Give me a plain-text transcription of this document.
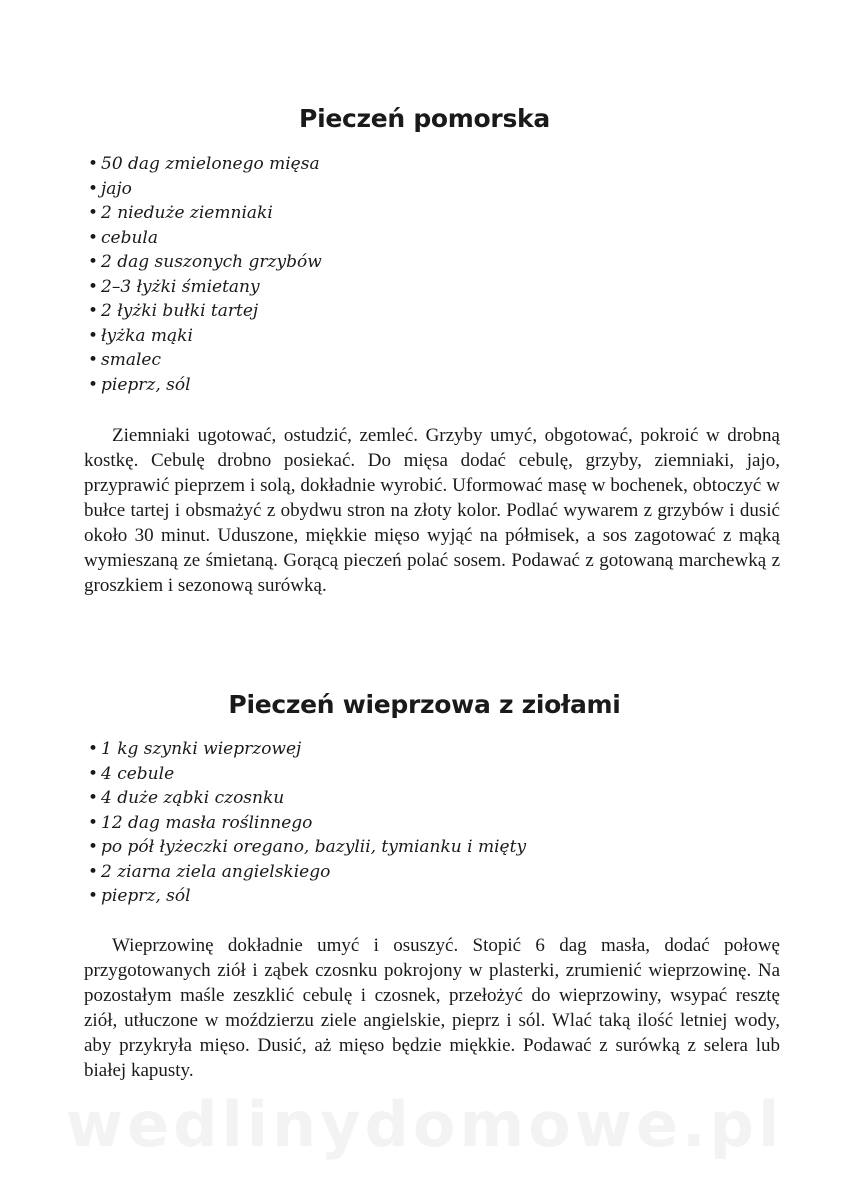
Pieczeń pomorska
• 50 dag zmielonego mięsa
• jajo
• 2 nieduże ziemniaki
• cebula
• 2 dag suszonych grzybów
• 2–3 łyżki śmietany
• 2 łyżki bułki tartej
• łyżka mąki
• smalec
• pieprz, sól

Ziemniaki ugotować, ostudzić, zemleć. Grzyby umyć, obgotować, pokroić w drobną kostkę. Cebulę drobno posiekać. Do mięsa dodać cebulę, grzyby, ziemniaki, jajo, przyprawić pieprzem i solą, dokładnie wyrobić. Uformować masę w bochenek, obtoczyć w bułce tartej i obsmażyć z obydwu stron na złoty kolor. Podlać wywarem z grzybów i dusić około 30 minut. Uduszone, miękkie mięso wyjąć na półmisek, a sos zagotować z mąką wymieszaną ze śmietaną. Gorącą pieczeń polać sosem. Podawać z gotowaną marchewką z groszkiem i sezonową surówką.

Pieczeń wieprzowa z ziołami
• 1 kg szynki wieprzowej
• 4 cebule
• 4 duże ząbki czosnku
• 12 dag masła roślinnego
• po pół łyżeczki oregano, bazylii, tymianku i mięty
• 2 ziarna ziela angielskiego
• pieprz, sól

Wieprzowinę dokładnie umyć i osuszyć. Stopić 6 dag masła, dodać połowę przygotowanych ziół i ząbek czosnku pokrojony w plasterki, zrumienić wieprzowinę. Na pozostałym maśle zeszklić cebulę i czosnek, przełożyć do wieprzowiny, wsypać resztę ziół, utłuczone w moździerzu ziele angielskie, pieprz i sól. Wlać taką ilość letniej wody, aby przykryła mięso. Dusić, aż mięso będzie miękkie. Podawać z surówką z selera lub białej kapusty.

wedlinydomowe.pl
